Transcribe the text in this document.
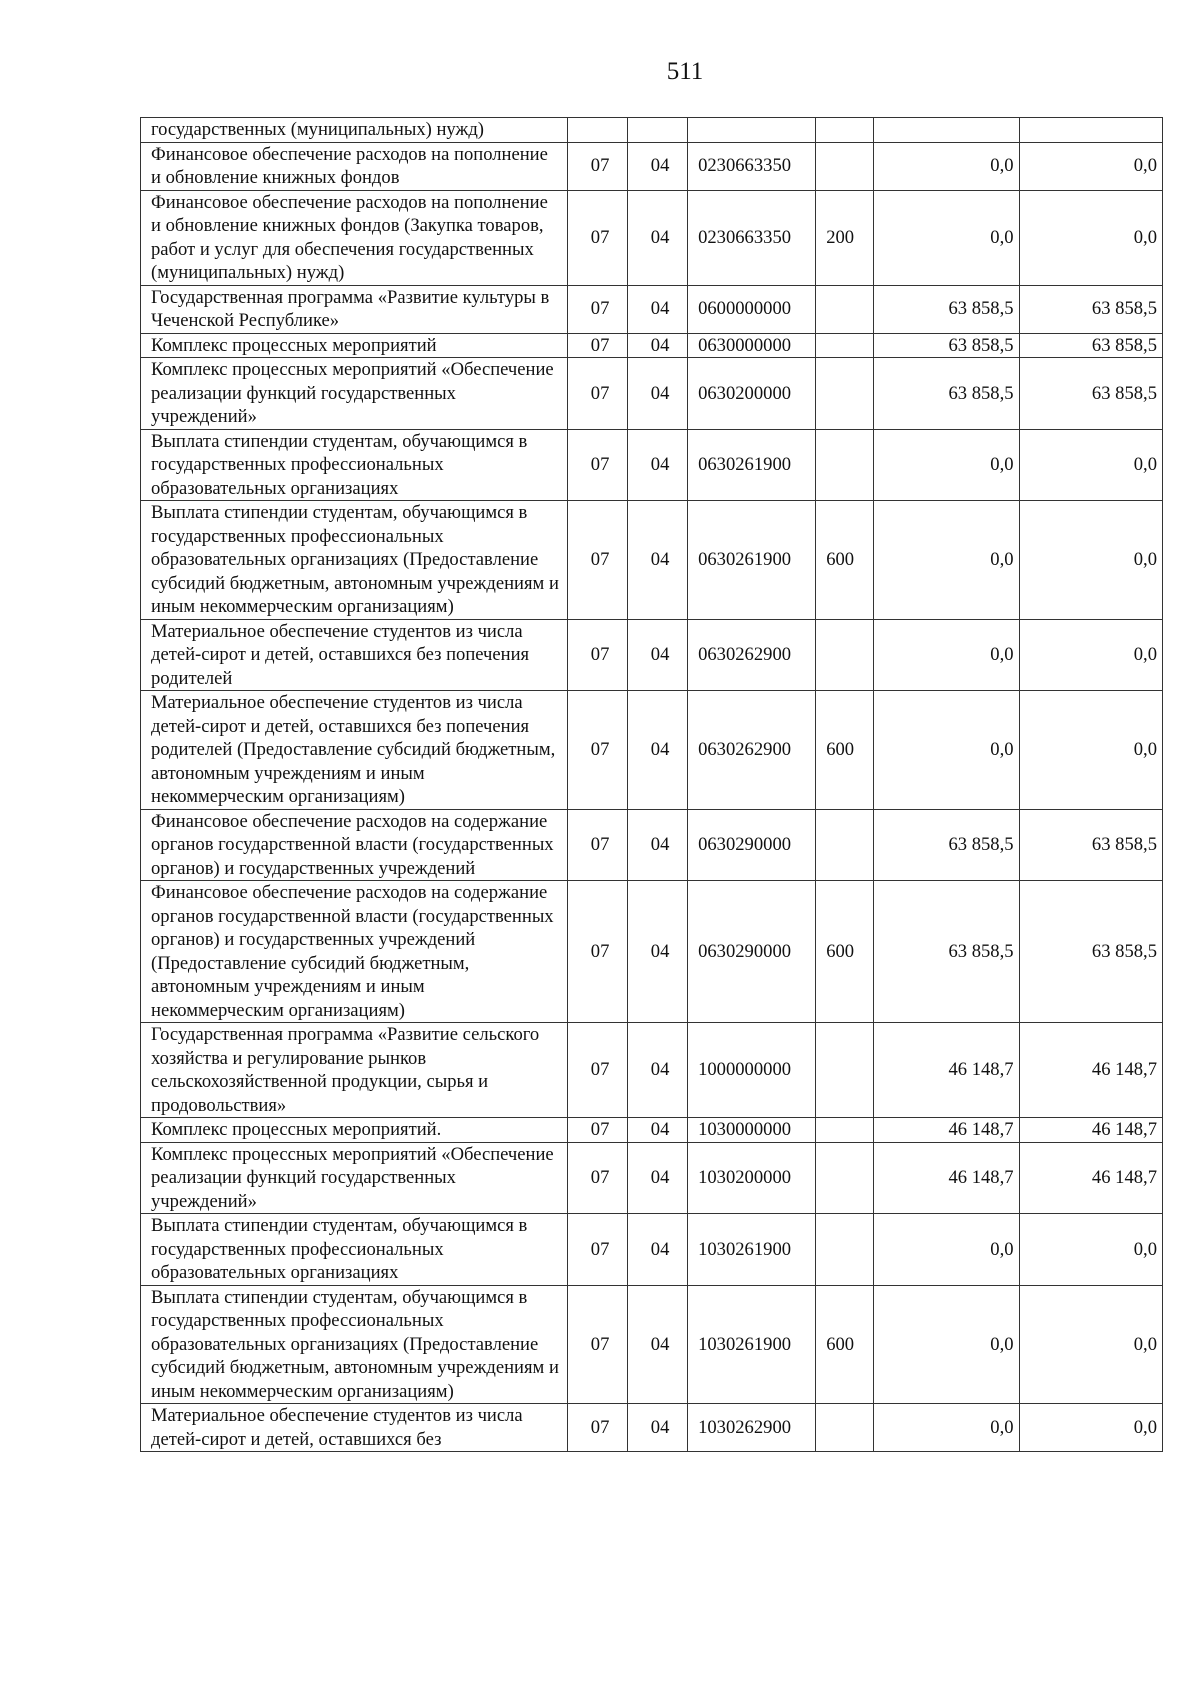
511
государственных (муниципальных) нужд)						
Финансовое обеспечение расходов на пополнение и обновление книжных фондов	07	04	0230663350		0,0	0,0
Финансовое обеспечение расходов на пополнение и обновление книжных фондов (Закупка товаров, работ и услуг для обеспечения государственных (муниципальных) нужд)	07	04	0230663350	200	0,0	0,0
Государственная программа «Развитие культуры в Чеченской Республике»	07	04	0600000000		63 858,5	63 858,5
Комплекс процессных мероприятий	07	04	0630000000		63 858,5	63 858,5
Комплекс процессных мероприятий «Обеспечение реализации функций государственных учреждений»	07	04	0630200000		63 858,5	63 858,5
Выплата стипендии студентам, обучающимся в государственных профессиональных образовательных организациях	07	04	0630261900		0,0	0,0
Выплата стипендии студентам, обучающимся в государственных профессиональных образовательных организациях (Предоставление субсидий бюджетным, автономным учреждениям и иным некоммерческим организациям)	07	04	0630261900	600	0,0	0,0
Материальное обеспечение студентов из числа детей-сирот и детей, оставшихся без попечения родителей	07	04	0630262900		0,0	0,0
Материальное обеспечение студентов из числа детей-сирот и детей, оставшихся без попечения родителей (Предоставление субсидий бюджетным, автономным учреждениям и иным некоммерческим организациям)	07	04	0630262900	600	0,0	0,0
Финансовое обеспечение расходов на содержание органов государственной власти (государственных органов) и государственных учреждений	07	04	0630290000		63 858,5	63 858,5
Финансовое обеспечение расходов на содержание органов государственной власти (государственных органов) и государственных учреждений (Предоставление субсидий бюджетным, автономным учреждениям и иным некоммерческим организациям)	07	04	0630290000	600	63 858,5	63 858,5
Государственная программа «Развитие сельского хозяйства и регулирование рынков сельскохозяйственной продукции, сырья и продовольствия»	07	04	1000000000		46 148,7	46 148,7
Комплекс процессных мероприятий.	07	04	1030000000		46 148,7	46 148,7
Комплекс процессных мероприятий «Обеспечение реализации функций государственных учреждений»	07	04	1030200000		46 148,7	46 148,7
Выплата стипендии студентам, обучающимся в государственных профессиональных образовательных организациях	07	04	1030261900		0,0	0,0
Выплата стипендии студентам, обучающимся в государственных профессиональных образовательных организациях (Предоставление субсидий бюджетным, автономным учреждениям и иным некоммерческим организациям)	07	04	1030261900	600	0,0	0,0
Материальное обеспечение студентов из числа детей-сирот и детей, оставшихся без	07	04	1030262900		0,0	0,0
